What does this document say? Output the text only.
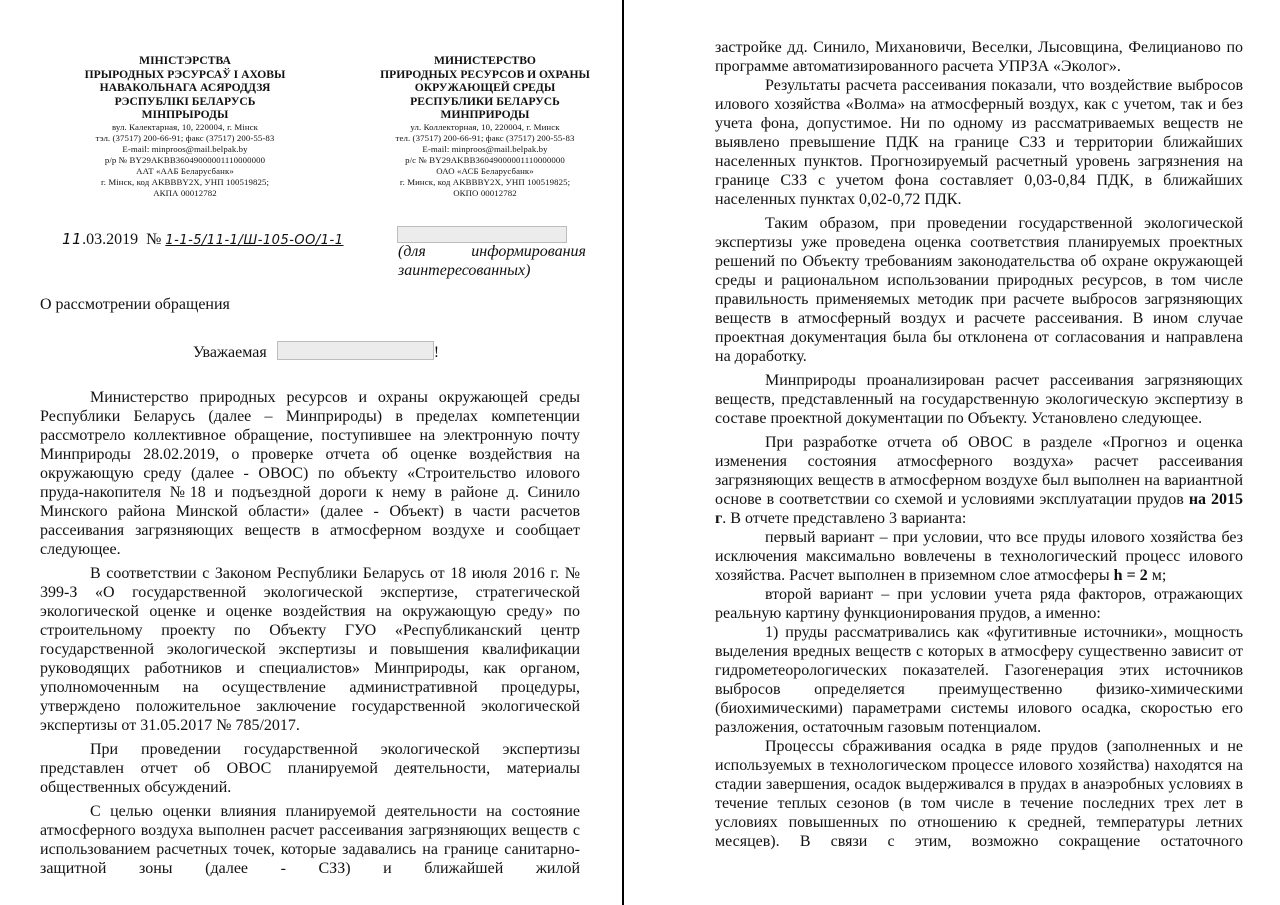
МІНІСТЭРСТВА
ПРЫРОДНЫХ РЭСУРСАЎ І АХОВЫ
НАВАКОЛЬНАГА АСЯРОДДЗЯ
РЭСПУБЛІКІ БЕЛАРУСЬ
МІНПРЫРОДЫ
вул. Калектарная, 10, 220004, г. Мінск
тэл. (37517) 200-66-91; факс (37517) 200-55-83
E-mail: minproos@mail.belpak.by
р/р № BY29AKBB36049000001110000000
ААТ «ААБ Беларусбанк»
г. Мінск, код AKBBBY2X, УНП 100519825;
АКПА 00012782
МИНИСТЕРСТВО
ПРИРОДНЫХ РЕСУРСОВ И ОХРАНЫ
ОКРУЖАЮЩЕЙ СРЕДЫ
РЕСПУБЛИКИ БЕЛАРУСЬ
МИНПРИРОДЫ
ул. Коллекторная, 10, 220004, г. Минск
тел. (37517) 200-66-91; факс (37517) 200-55-83
E-mail: minproos@mail.belpak.by
р/с № BY29AKBB36049000001110000000
ОАО «АСБ Беларусбанк»
г. Минск, код AKBBBY2X, УНП 100519825;
ОКПО 00012782
11.03.2019 № 1-1-5/11-1/Ш-105-ОО/1-1
(для	информирования
заинтересованных)
О рассмотрении обращения
Уважаемая	!

Министерство природных ресурсов и охраны окружающей среды Республики Беларусь (далее – Минприроды) в пределах компетенции рассмотрело коллективное обращение, поступившее на электронную почту Минприроды 28.02.2019, о проверке отчета об оценке воздействия на окружающую среду (далее - ОВОС) по объекту «Строительство илового пруда-накопителя №18 и подъездной дороги к нему в районе д. Синило Минского района Минской области» (далее - Объект) в части расчетов рассеивания загрязняющих веществ в атмосферном воздухе и сообщает следующее.

В соответствии с Законом Республики Беларусь от 18 июля 2016 г. № 399-З «О государственной экологической экспертизе, стратегической экологической оценке и оценке воздействия на окружающую среду» по строительному проекту по Объекту ГУО «Республиканский центр государственной экологической экспертизы и повышения квалификации руководящих работников и специалистов» Минприроды, как органом, уполномоченным на осуществление административной процедуры, утверждено положительное заключение государственной экологической экспертизы от 31.05.2017 № 785/2017.

При проведении государственной экологической экспертизы представлен отчет об ОВОС планируемой деятельности, материалы общественных обсуждений.

С целью оценки влияния планируемой деятельности на состояние атмосферного воздуха выполнен расчет рассеивания загрязняющих веществ с использованием расчетных точек, которые задавались на границе санитарно-защитной зоны (далее - СЗЗ) и ближайшей жилой

застройке дд. Синило, Михановичи, Веселки, Лысовщина, Фелицианово по программе автоматизированного расчета УПРЗА «Эколог».

Результаты расчета рассеивания показали, что воздействие выбросов илового хозяйства «Волма» на атмосферный воздух, как с учетом, так и без учета фона, допустимое. Ни по одному из рассматриваемых веществ не выявлено превышение ПДК на границе СЗЗ и территории ближайших населенных пунктов. Прогнозируемый расчетный уровень загрязнения на границе СЗЗ с учетом фона составляет 0,03-0,84 ПДК, в ближайших населенных пунктах 0,02-0,72 ПДК.

Таким образом, при проведении государственной экологической экспертизы уже проведена оценка соответствия планируемых проектных решений по Объекту требованиям законодательства об охране окружающей среды и рациональном использовании природных ресурсов, в том числе правильность применяемых методик при расчете выбросов загрязняющих веществ в атмосферный воздух и расчете рассеивания. В ином случае проектная документация была бы отклонена от согласования и направлена на доработку.

Минприроды проанализирован расчет рассеивания загрязняющих веществ, представленный на государственную экологическую экспертизу в составе проектной документации по Объекту. Установлено следующее.

При разработке отчета об ОВОС в разделе «Прогноз и оценка изменения состояния атмосферного воздуха» расчет рассеивания загрязняющих веществ в атмосферном воздухе был выполнен на вариантной основе в соответствии со схемой и условиями эксплуатации прудов на 2015 г. В отчете представлено 3 варианта:

первый вариант – при условии, что все пруды илового хозяйства без исключения максимально вовлечены в технологический процесс илового хозяйства. Расчет выполнен в приземном слое атмосферы h = 2 м;

второй вариант – при условии учета ряда факторов, отражающих реальную картину функционирования прудов, а именно:

1) пруды рассматривались как «фугитивные источники», мощность выделения вредных веществ с которых в атмосферу существенно зависит от гидрометеорологических показателей. Газогенерация этих источников выбросов определяется преимущественно физико-химическими (биохимическими) параметрами системы илового осадка, скоростью его разложения, остаточным газовым потенциалом.

Процессы сбраживания осадка в ряде прудов (заполненных и не используемых в технологическом процессе илового хозяйства) находятся на стадии завершения, осадок выдерживался в прудах в анаэробных условиях в течение теплых сезонов (в том числе в течение последних трех лет в условиях повышенных по отношению к средней, температуры летних месяцев). В связи с этим, возможно сокращение остаточного
